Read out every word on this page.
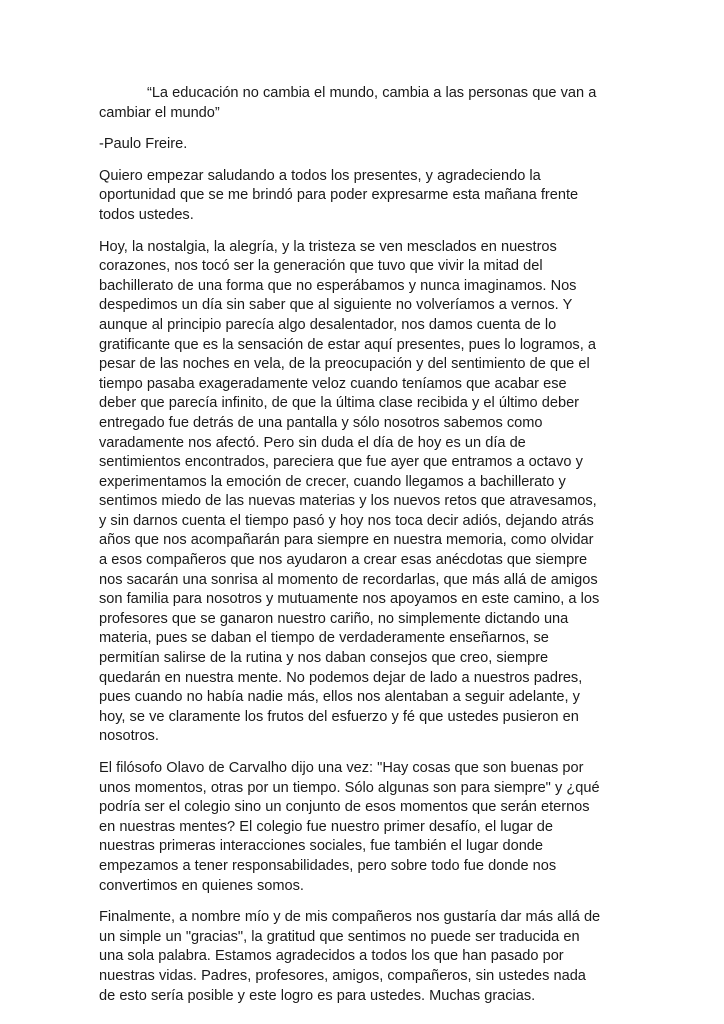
“La educación no cambia el mundo, cambia a las personas que van a cambiar el mundo”

-Paulo Freire.

Quiero empezar saludando a todos los presentes, y agradeciendo la oportunidad que se me brindó para poder expresarme esta mañana frente todos ustedes.

Hoy, la nostalgia, la alegría, y la tristeza se ven mesclados en nuestros corazones, nos tocó ser la generación que tuvo que vivir la mitad del bachillerato de una forma que no esperábamos y nunca imaginamos. Nos despedimos un día sin saber que al siguiente no volveríamos a vernos. Y aunque al principio parecía algo desalentador, nos damos cuenta de lo gratificante que es la sensación de estar aquí presentes, pues lo logramos, a pesar de las noches en vela, de la preocupación y del sentimiento de que el tiempo pasaba exageradamente veloz cuando teníamos que acabar ese deber que parecía infinito, de que la última clase recibida y el último deber entregado fue detrás de una pantalla y sólo nosotros sabemos como varadamente nos afectó. Pero sin duda el día de hoy es un día de sentimientos encontrados, pareciera que fue ayer que entramos a octavo y experimentamos la emoción de crecer, cuando llegamos a bachillerato y sentimos miedo de las nuevas materias y los nuevos retos que atravesamos, y sin darnos cuenta el tiempo pasó y hoy nos toca decir adiós, dejando atrás años que nos acompañarán para siempre en nuestra memoria, como olvidar a esos compañeros que nos ayudaron a crear esas anécdotas que siempre nos sacarán una sonrisa al momento de recordarlas, que más allá de amigos son familia para nosotros y mutuamente nos apoyamos en este camino, a los profesores que se ganaron nuestro cariño, no simplemente dictando una materia, pues se daban el tiempo de verdaderamente enseñarnos, se permitían salirse de la rutina y nos daban consejos que creo, siempre quedarán en nuestra mente. No podemos dejar de lado a nuestros padres, pues cuando no había nadie más, ellos nos alentaban a seguir adelante, y hoy, se ve claramente los frutos del esfuerzo y fé que ustedes pusieron en nosotros.

El filósofo Olavo de Carvalho dijo una vez: "Hay cosas que son buenas por unos momentos, otras por un tiempo. Sólo algunas son para siempre" y ¿qué podría ser el colegio sino un conjunto de esos momentos que serán eternos en nuestras mentes? El colegio fue nuestro primer desafío, el lugar de nuestras primeras interacciones sociales, fue también el lugar donde empezamos a tener responsabilidades, pero sobre todo fue donde nos convertimos en quienes somos.

Finalmente, a nombre mío y de mis compañeros nos gustaría dar más allá de un simple un "gracias", la gratitud que sentimos no puede ser traducida en una sola palabra. Estamos agradecidos a todos los que han pasado por nuestras vidas. Padres, profesores, amigos, compañeros, sin ustedes nada de esto sería posible y este logro es para ustedes. Muchas gracias.
